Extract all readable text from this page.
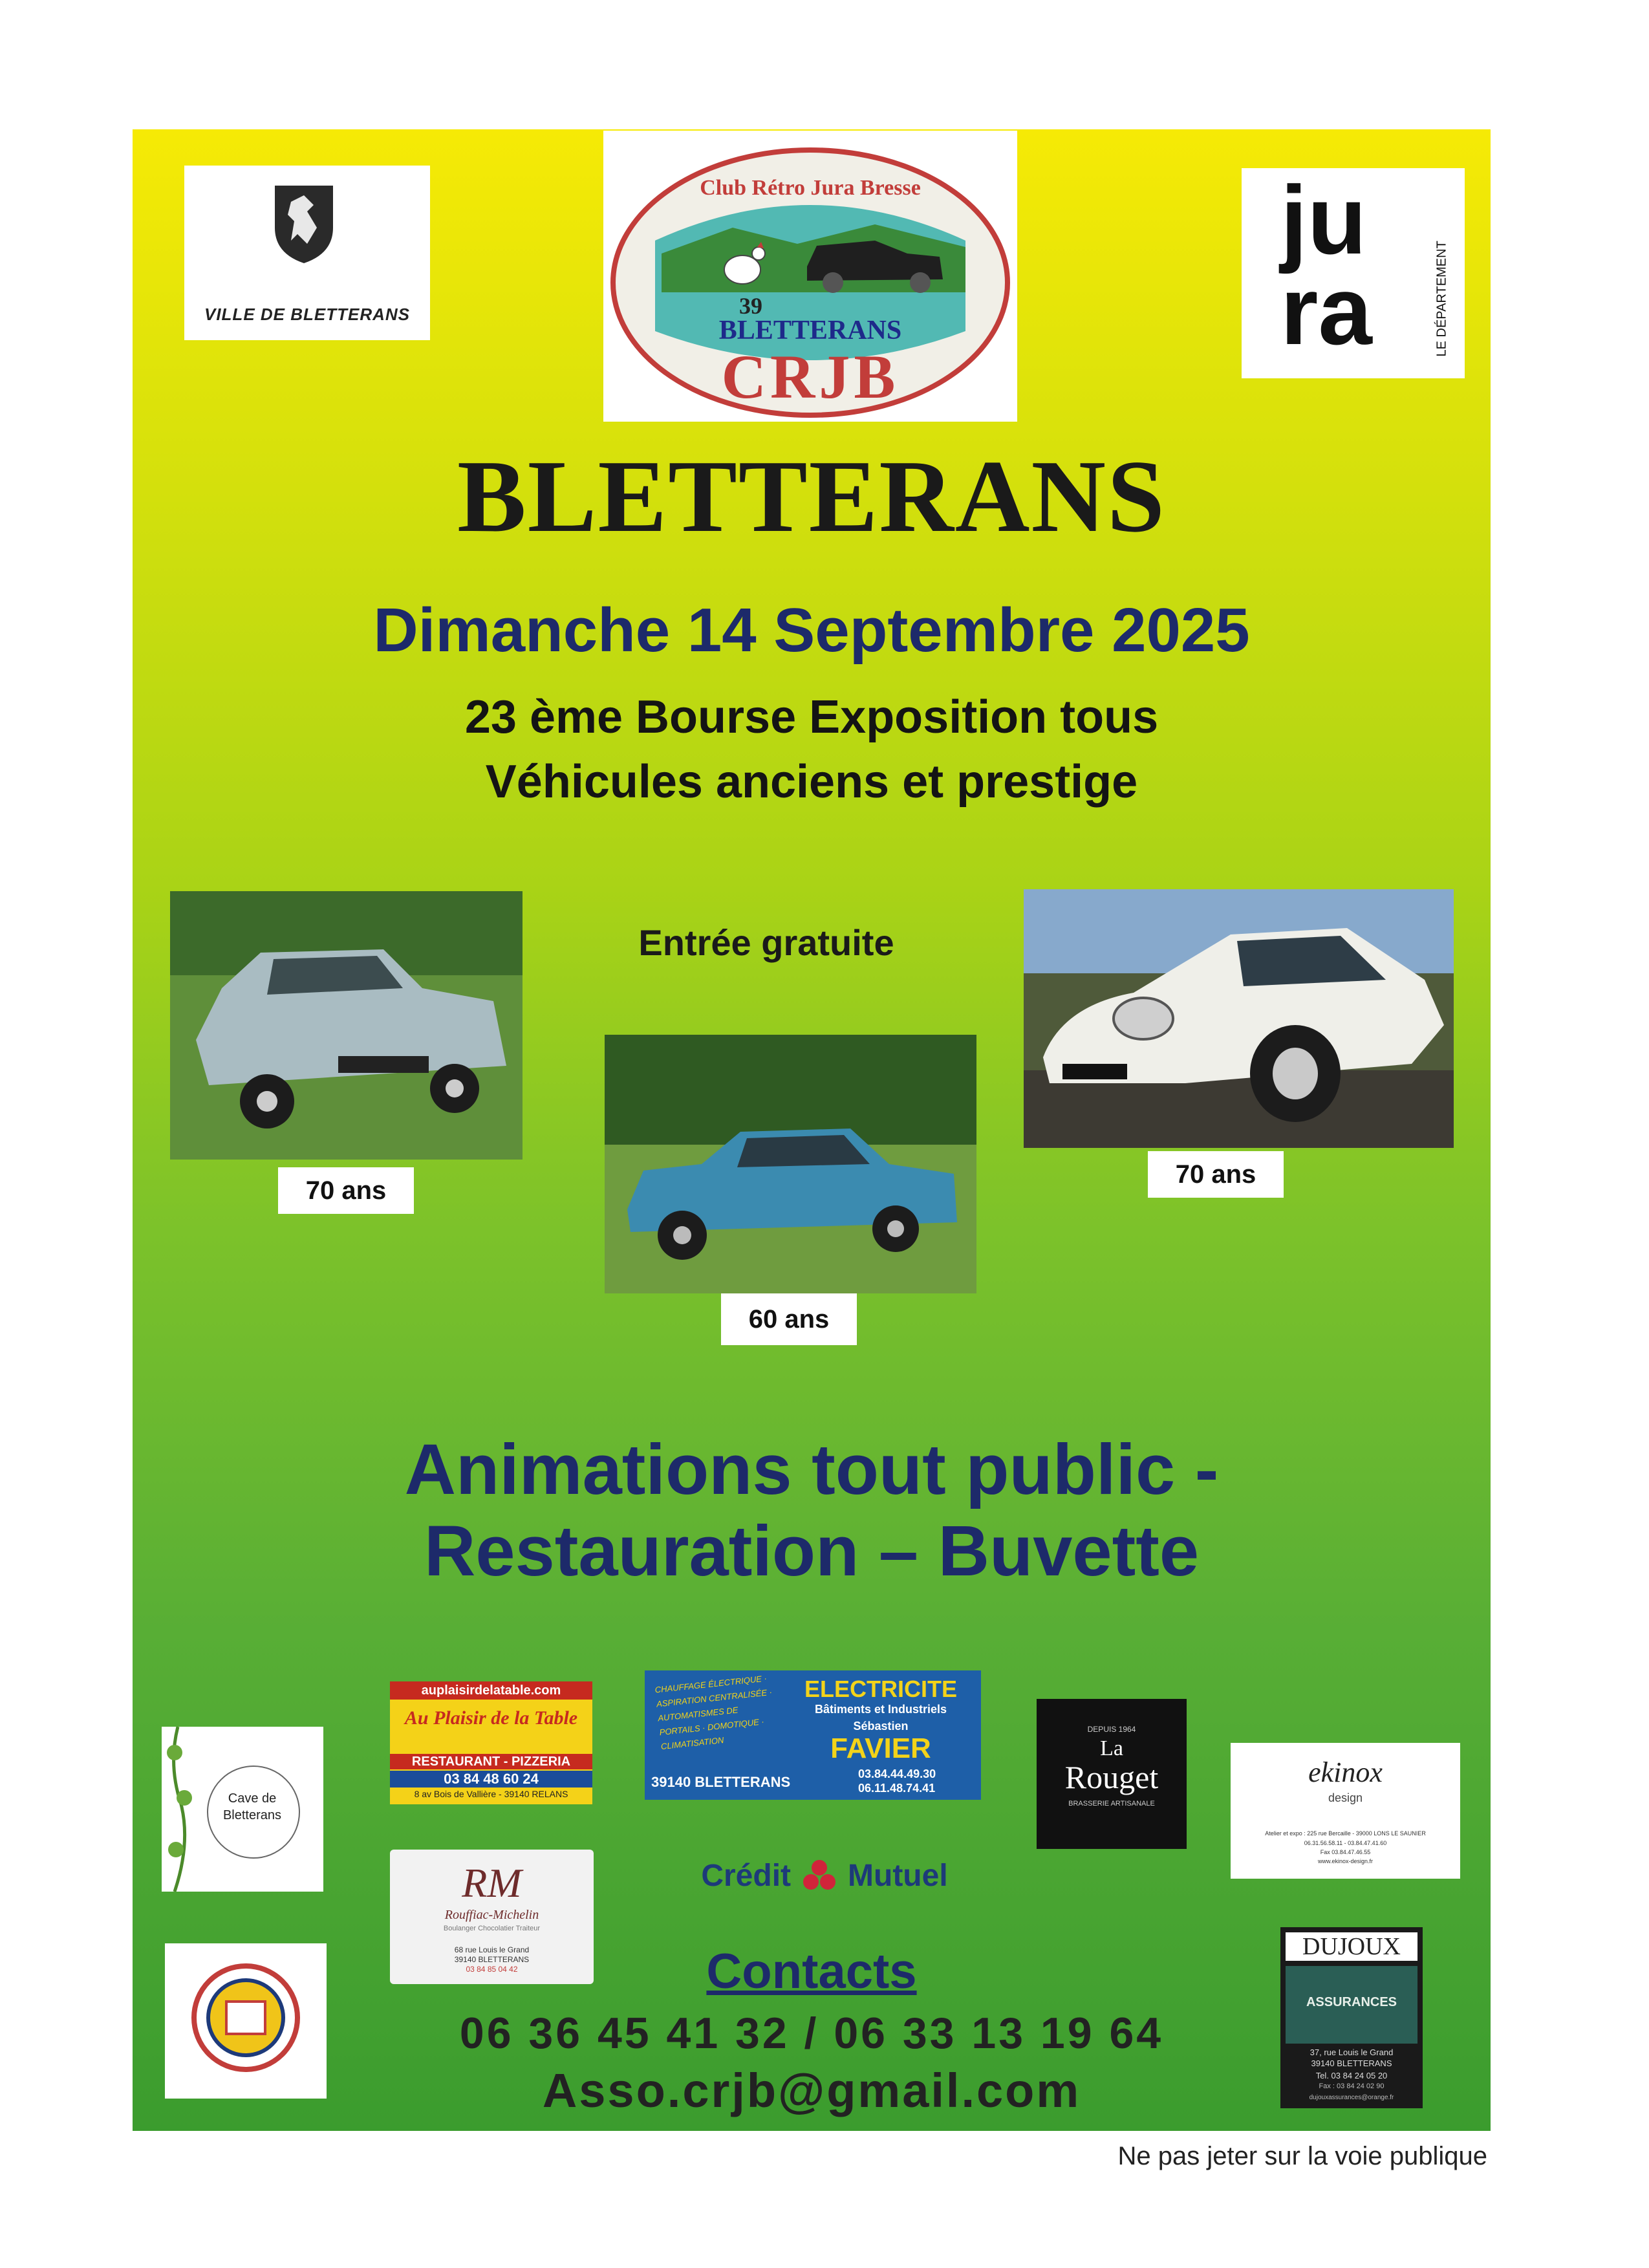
VILLE DE BLETTERANS
Club Rétro Jura Bresse
39
BLETTERANS
CRJB
ju
ra	LE DÉPARTEMENT
BLETTERANS
Dimanche 14 Septembre 2025
23 ème Bourse Exposition tous
Véhicules anciens et prestige
Entrée gratuite
70 ans
60 ans
70 ans
Animations tout public -
Restauration – Buvette
auplaisirdelatable.com
Au Plaisir de la Table
RESTAURANT - PIZZERIA
03 84 48 60 24
8 av Bois de Vallière - 39140 RELANS
CHAUFFAGE ÉLECTRIQUE · ASPIRATION CENTRALISÉE · AUTOMATISMES DE PORTAILS · DOMOTIQUE · CLIMATISATION
ELECTRICITE
Bâtiments et Industriels
Sébastien
FAVIER
39140 BLETTERANS	03.84.44.49.30
06.11.48.74.41
DEPUIS 1964
La
Rouget
BRASSERIE ARTISANALE
ekinox
design
Atelier et expo : 225 rue Bercaille - 39000 LONS LE SAUNIER
06.31.56.58.11 - 03.84.47.41.60
Fax 03.84.47.46.55
www.ekinox-design.fr
Cave de
Bletterans
RM
Rouffiac-Michelin
Boulanger Chocolatier Traiteur
68 rue Louis le Grand
39140 BLETTERANS
03 84 85 04 42
Crédit Mutuel
DUJOUX
ASSURANCES
37, rue Louis le Grand
39140 BLETTERANS
Tel. 03 84 24 05 20
Fax : 03 84 24 02 90
dujouxassurances@orange.fr
Contacts
06 36 45 41 32 / 06 33 13 19 64
Asso.crjb@gmail.com
Ne pas jeter sur la voie publique
